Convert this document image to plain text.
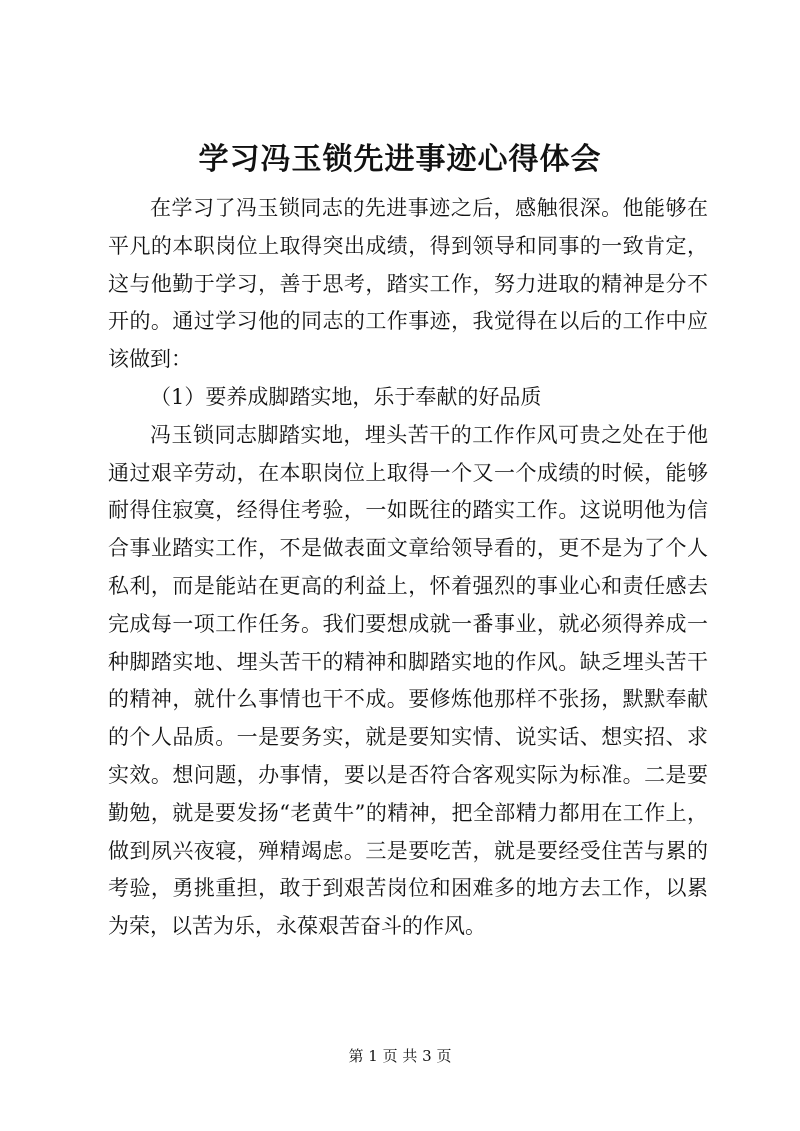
学习冯玉锁先进事迹心得体会

在学习了冯玉锁同志的先进事迹之后，感触很深。他能够在平凡的本职岗位上取得突出成绩，得到领导和同事的一致肯定，这与他勤于学习，善于思考，踏实工作，努力进取的精神是分不开的。通过学习他的同志的工作事迹，我觉得在以后的工作中应该做到：

（1）要养成脚踏实地，乐于奉献的好品质

冯玉锁同志脚踏实地，埋头苦干的工作作风可贵之处在于他通过艰辛劳动，在本职岗位上取得一个又一个成绩的时候，能够耐得住寂寞，经得住考验，一如既往的踏实工作。这说明他为信合事业踏实工作，不是做表面文章给领导看的，更不是为了个人私利，而是能站在更高的利益上，怀着强烈的事业心和责任感去完成每一项工作任务。我们要想成就一番事业，就必须得养成一种脚踏实地、埋头苦干的精神和脚踏实地的作风。缺乏埋头苦干的精神，就什么事情也干不成。要修炼他那样不张扬，默默奉献的个人品质。一是要务实，就是要知实情、说实话、想实招、求实效。想问题，办事情，要以是否符合客观实际为标准。二是要勤勉，就是要发扬“老黄牛”的精神，把全部精力都用在工作上，做到夙兴夜寝，殚精竭虑。三是要吃苦，就是要经受住苦与累的考验，勇挑重担，敢于到艰苦岗位和困难多的地方去工作，以累为荣，以苦为乐，永葆艰苦奋斗的作风。

第 1 页 共 3 页
